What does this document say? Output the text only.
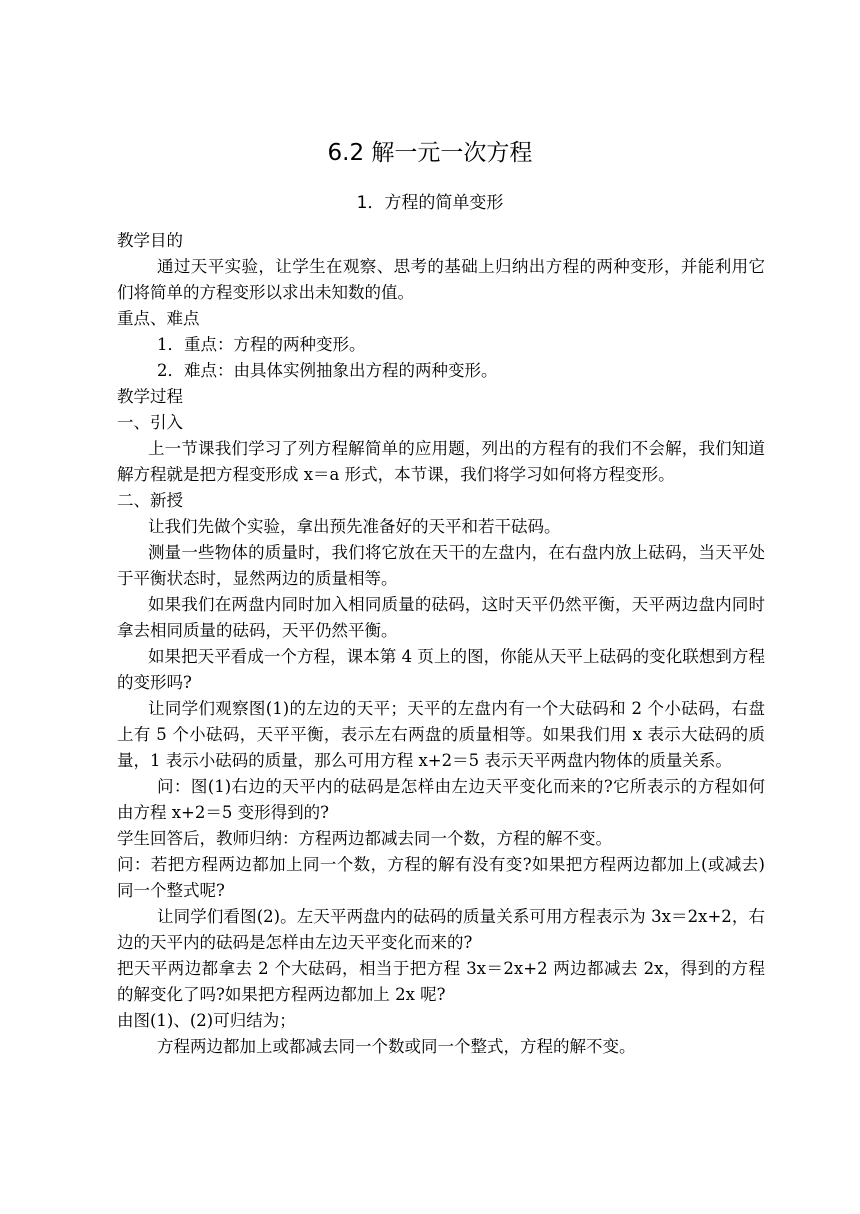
6.2 解一元一次方程
1．方程的简单变形

教学目的

通过天平实验，让学生在观察、思考的基础上归纳出方程的两种变形，并能利用它们将简单的方程变形以求出未知数的值。

重点、难点

1．重点：方程的两种变形。

2．难点：由具体实例抽象出方程的两种变形。

教学过程

一、引入

上一节课我们学习了列方程解简单的应用题，列出的方程有的我们不会解，我们知道解方程就是把方程变形成 x＝a 形式，本节课，我们将学习如何将方程变形。

二、新授

让我们先做个实验，拿出预先准备好的天平和若干砝码。

测量一些物体的质量时，我们将它放在天干的左盘内，在右盘内放上砝码，当天平处于平衡状态时，显然两边的质量相等。

如果我们在两盘内同时加入相同质量的砝码，这时天平仍然平衡，天平两边盘内同时拿去相同质量的砝码，天平仍然平衡。

如果把天平看成一个方程，课本第 4 页上的图，你能从天平上砝码的变化联想到方程的变形吗?

让同学们观察图(1)的左边的天平；天平的左盘内有一个大砝码和 2 个小砝码，右盘上有 5 个小砝码，天平平衡，表示左右两盘的质量相等。如果我们用 x 表示大砝码的质量，1 表示小砝码的质量，那么可用方程 x+2＝5 表示天平两盘内物体的质量关系。

问：图(1)右边的天平内的砝码是怎样由左边天平变化而来的?它所表示的方程如何由方程 x+2＝5 变形得到的?

学生回答后，教师归纳：方程两边都减去同一个数，方程的解不变。

问：若把方程两边都加上同一个数，方程的解有没有变?如果把方程两边都加上(或减去)同一个整式呢?

让同学们看图(2)。左天平两盘内的砝码的质量关系可用方程表示为 3x＝2x+2，右边的天平内的砝码是怎样由左边天平变化而来的?

把天平两边都拿去 2 个大砝码，相当于把方程 3x＝2x+2 两边都减去 2x，得到的方程的解变化了吗?如果把方程两边都加上 2x 呢?

由图(1)、(2)可归结为；

方程两边都加上或都减去同一个数或同一个整式，方程的解不变。
